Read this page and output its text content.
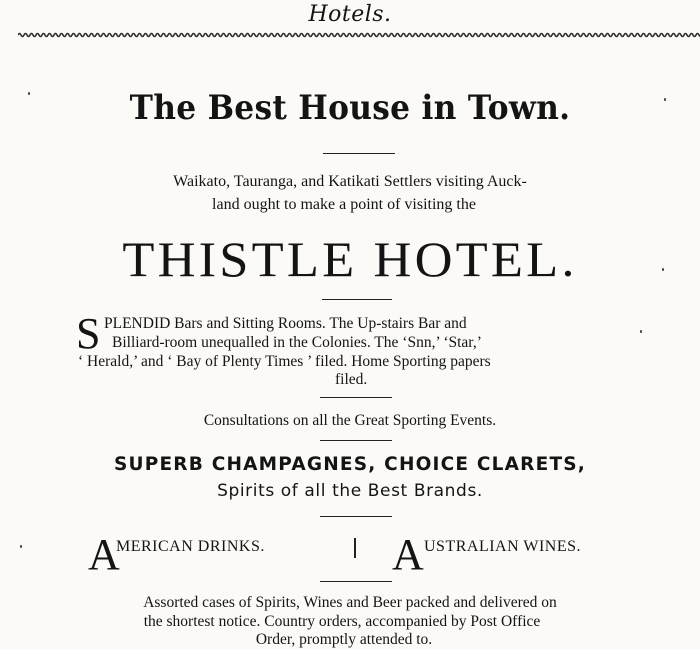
Hotels.
The Best House in Town.
Waikato, Tauranga, and Katikati Settlers visiting Auck-
land ought to make a point of visiting the
THISTLE HOTEL.
S PLENDID Bars and Sitting Rooms. The Up-stairs Bar and
Billiard-room unequalled in the Colonies. The ‘Snn,’ ‘Star,’
‘ Herald,’ and ‘ Bay of Plenty Times ’ filed. Home Sporting papers
filed.
Consultations on all the Great Sporting Events.
SUPERB CHAMPAGNES, CHOICE CLARETS,
Spirits of all the Best Brands.
A
MERICAN DRINKS.	A USTRALIAN WINES.
Assorted cases of Spirits, Wines and Beer packed and delivered on
the shortest notice. Country orders, accompanied by Post Office
Order, promptly attended to.
